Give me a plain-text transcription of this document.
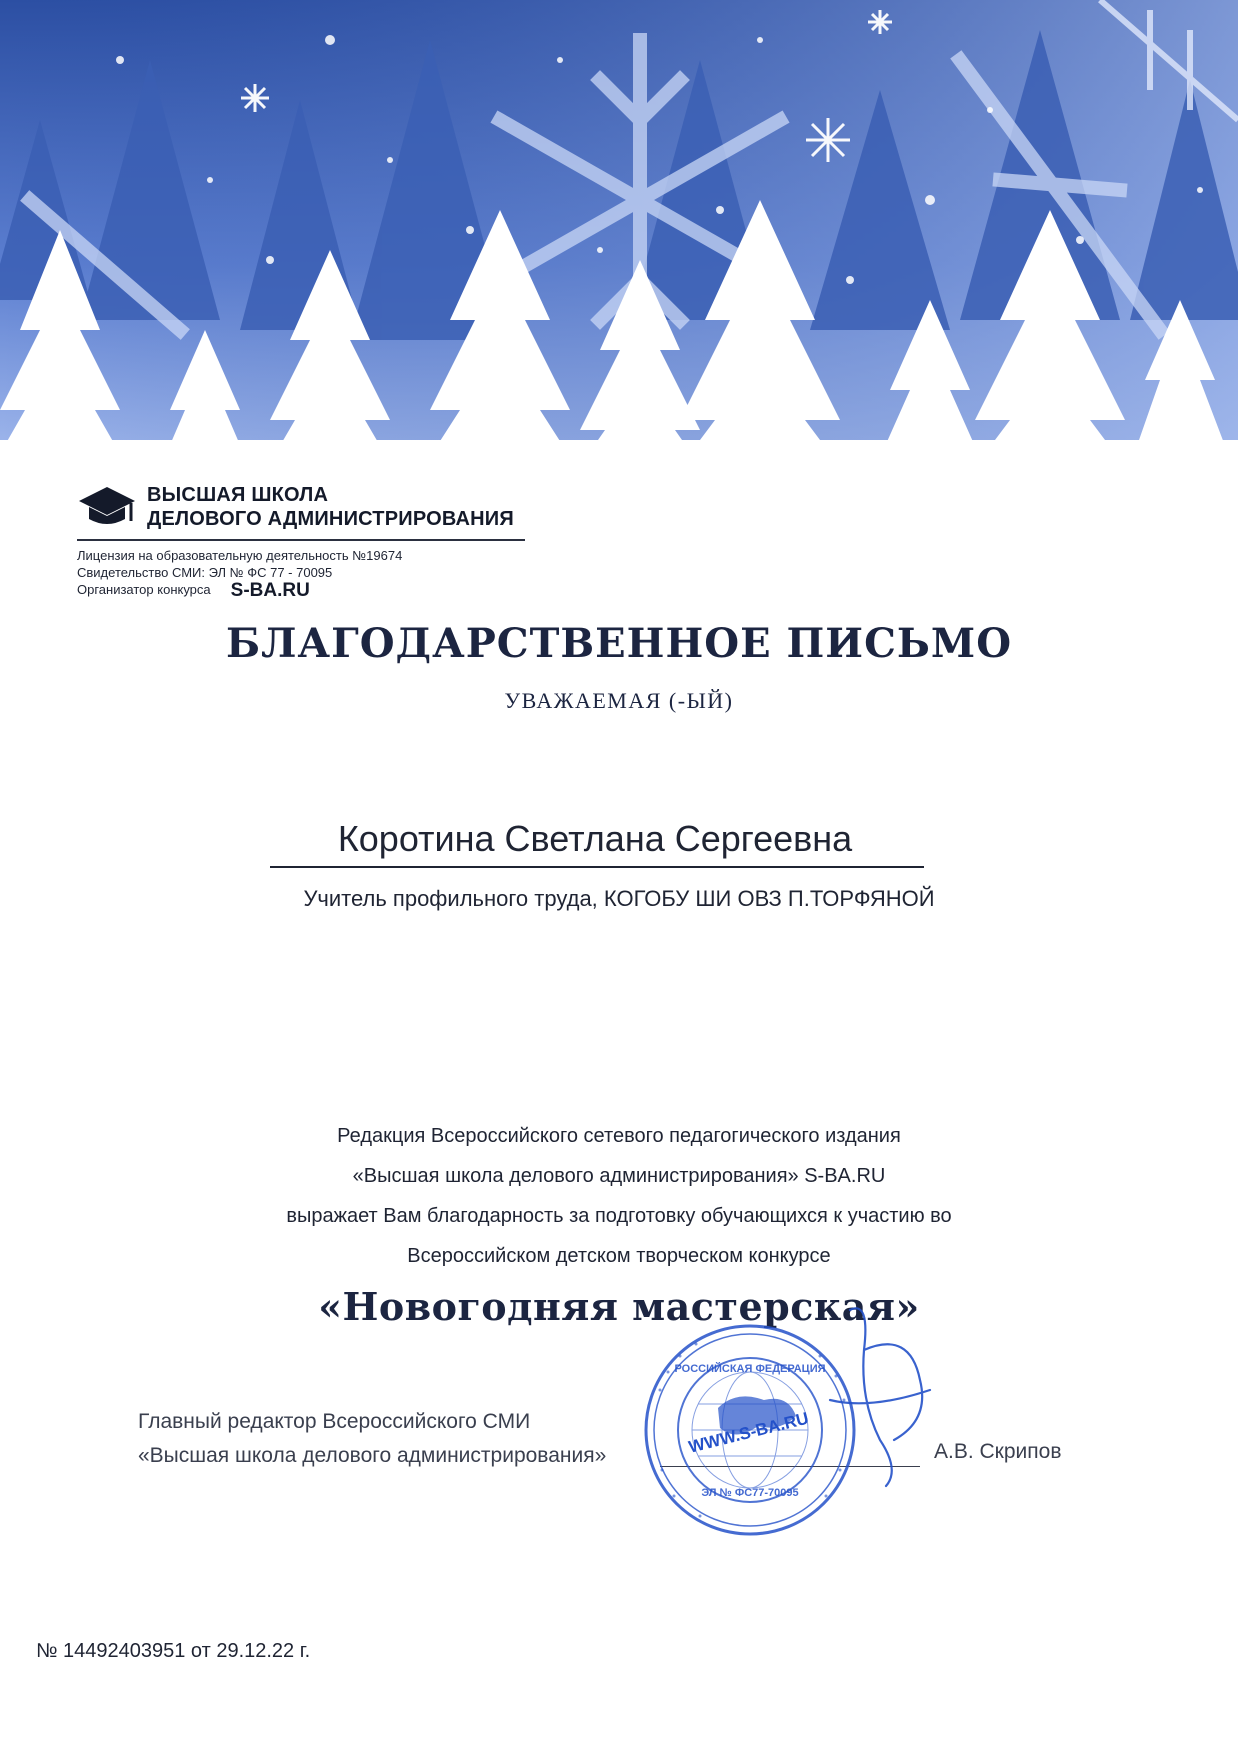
ВЫСШАЯ ШКОЛА
ДЕЛОВОГО АДМИНИСТРИРОВАНИЯ
Лицензия на образовательную деятельность №19674
Свидетельство СМИ: ЭЛ № ФС 77 - 70095
Организатор конкурса S-BA.RU
БЛАГОДАРСТВЕННОЕ ПИСЬМО
УВАЖАЕМАЯ (-ЫЙ)
Коротина Светлана Сергеевна
Учитель профильного труда, КОГОБУ ШИ ОВЗ П.ТОРФЯНОЙ
Редакция Всероссийского сетевого педагогического издания
«Высшая школа делового администрирования» S-BA.RU
выражает Вам благодарность за подготовку обучающихся к участию во
Всероссийском детском творческом конкурсе
«Новогодняя мастерская»
Главный редактор Всероссийского СМИ
«Высшая школа делового администрирования»	А.В. Скрипов
РОССИЙСКАЯ ФЕДЕРАЦИЯ
WWW.S-BA.RU
ЭЛ № ФС77-70095
№ 14492403951 от 29.12.22 г.
